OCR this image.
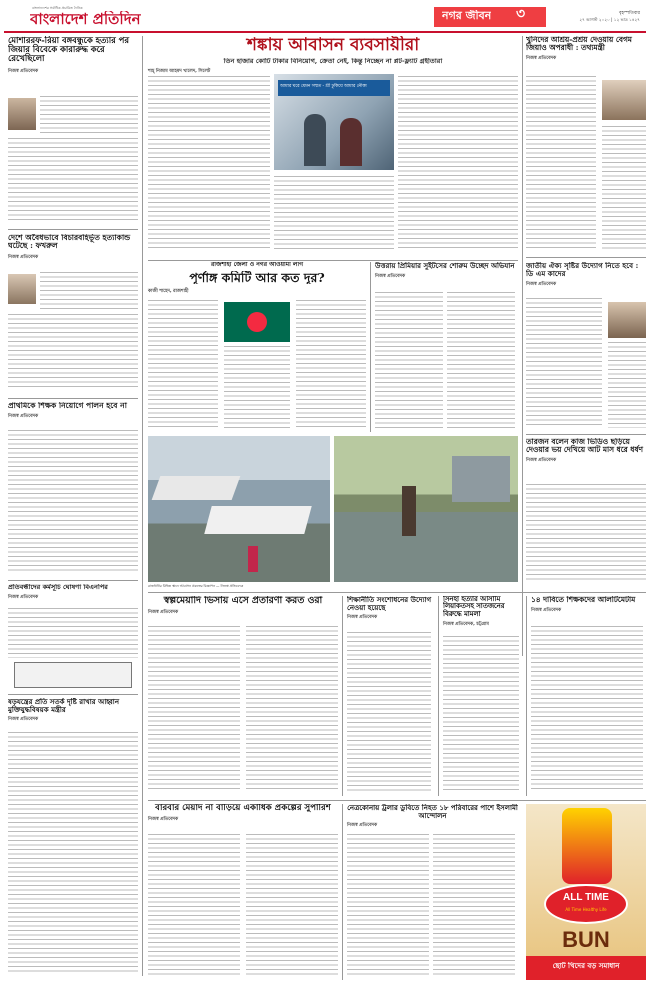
বাংলাদেশের সর্বাধিক প্রচারিত দৈনিক
বাংলাদেশ প্রতিদিন	নগর জীবন ৩	বৃহস্পতিবার
২৭ আগস্ট ২০২০ | ১২ ভাদ্র ১৪২৭
মোশাররফ-রিয়া বঙ্গবন্ধুকে হত্যার পর জিয়ার বিবেকে কারারুদ্ধ করে রেখেছিলো
নিজস্ব প্রতিবেদক
দেশে অবৈধভাবে বিচারবহির্ভূত হত্যাকান্ড ঘটেছে : ফখরুল
নিজস্ব প্রতিবেদক
প্রাথমিকে শিক্ষক নিয়োগে পালন হবে না
নিজস্ব প্রতিবেদক
প্রতিবন্ধীদের কর্মসূচি ঘোষণা বিএনপির
নিজস্ব প্রতিবেদক
ষড়যন্ত্রের প্রতি সতর্ক দৃষ্টি রাখার আহ্বান মুক্তিযুদ্ধবিষয়ক মন্ত্রীর
নিজস্ব প্রতিবেদক
শঙ্কায় আবাসন ব্যবসায়ীরা
তিন হাজার কোটি টাকার বিনিয়োগ, ক্রেতা নেই, কিন্তু নিচ্ছেন না প্লট-ফ্ল্যাট গ্রহীতারা
শাহ্ নিজাম আহমদ খালেদ, সিলেট
আমার ঘরে যেমন সম্মত - শ্রী ঢুকিয়ে আমার নৌকা
রাজশাহী জেলা ও নগর আওয়ামী লীগ
পূর্ণাঙ্গ কমিটি আর কত দূর?
কাজী শাহেদ, রাজশাহী
উত্তরায় প্রিমিয়ার সুইটসের শোরুম উচ্ছেদ অভিযান
নিজস্ব প্রতিবেদক
রাজধানীর বিভিন্ন স্থানে আবাসন প্রকল্পের বিজ্ঞাপন — নিজস্ব প্রতিবেদক
খুনিদের আশ্রয়-প্রশ্রয় দেওয়ায় বেগম জিয়াও অপরাধী : তথ্যমন্ত্রী
নিজস্ব প্রতিবেদক
জাতীয় ঐক্য সৃষ্টির উদ্যোগ নিতে হবে : ডি এম কাদের
নিজস্ব প্রতিবেদক
তারজন বলেন কাজ ভিডিও ছড়িয়ে দেওয়ার ভয় দেখিয়ে আট মাস ধরে ধর্ষণ
নিজস্ব প্রতিবেদক
স্বল্পমেয়াদি ভিসায় এসে প্রতারণা করত ওরা
নিজস্ব প্রতিবেদক
শিক্ষানীতি সংশোধনের উদ্যোগ নেওয়া হয়েছে
নিজস্ব প্রতিবেদক
সিনহা হত্যার আসামি লিয়াকতসহ সাতজনের বিরুদ্ধে মামলা
নিজস্ব প্রতিবেদক, চট্টগ্রাম
১৪ দাবিতে শিক্ষকদের আলটিমেটাম
নিজস্ব প্রতিবেদক
বারবার মেয়াদ না বাড়িয়ে একাধিক প্রকল্পের সুপারিশ
নিজস্ব প্রতিবেদক
নেত্রকোনায় ট্রলার ডুবিতে নিহত ১৮ পরিবারের পাশে ইসলামী আন্দোলন
নিজস্ব প্রতিবেদক
ALL TIME
All Time Healthy Life
BUN
ছোট খিদের বড় সমাধান
